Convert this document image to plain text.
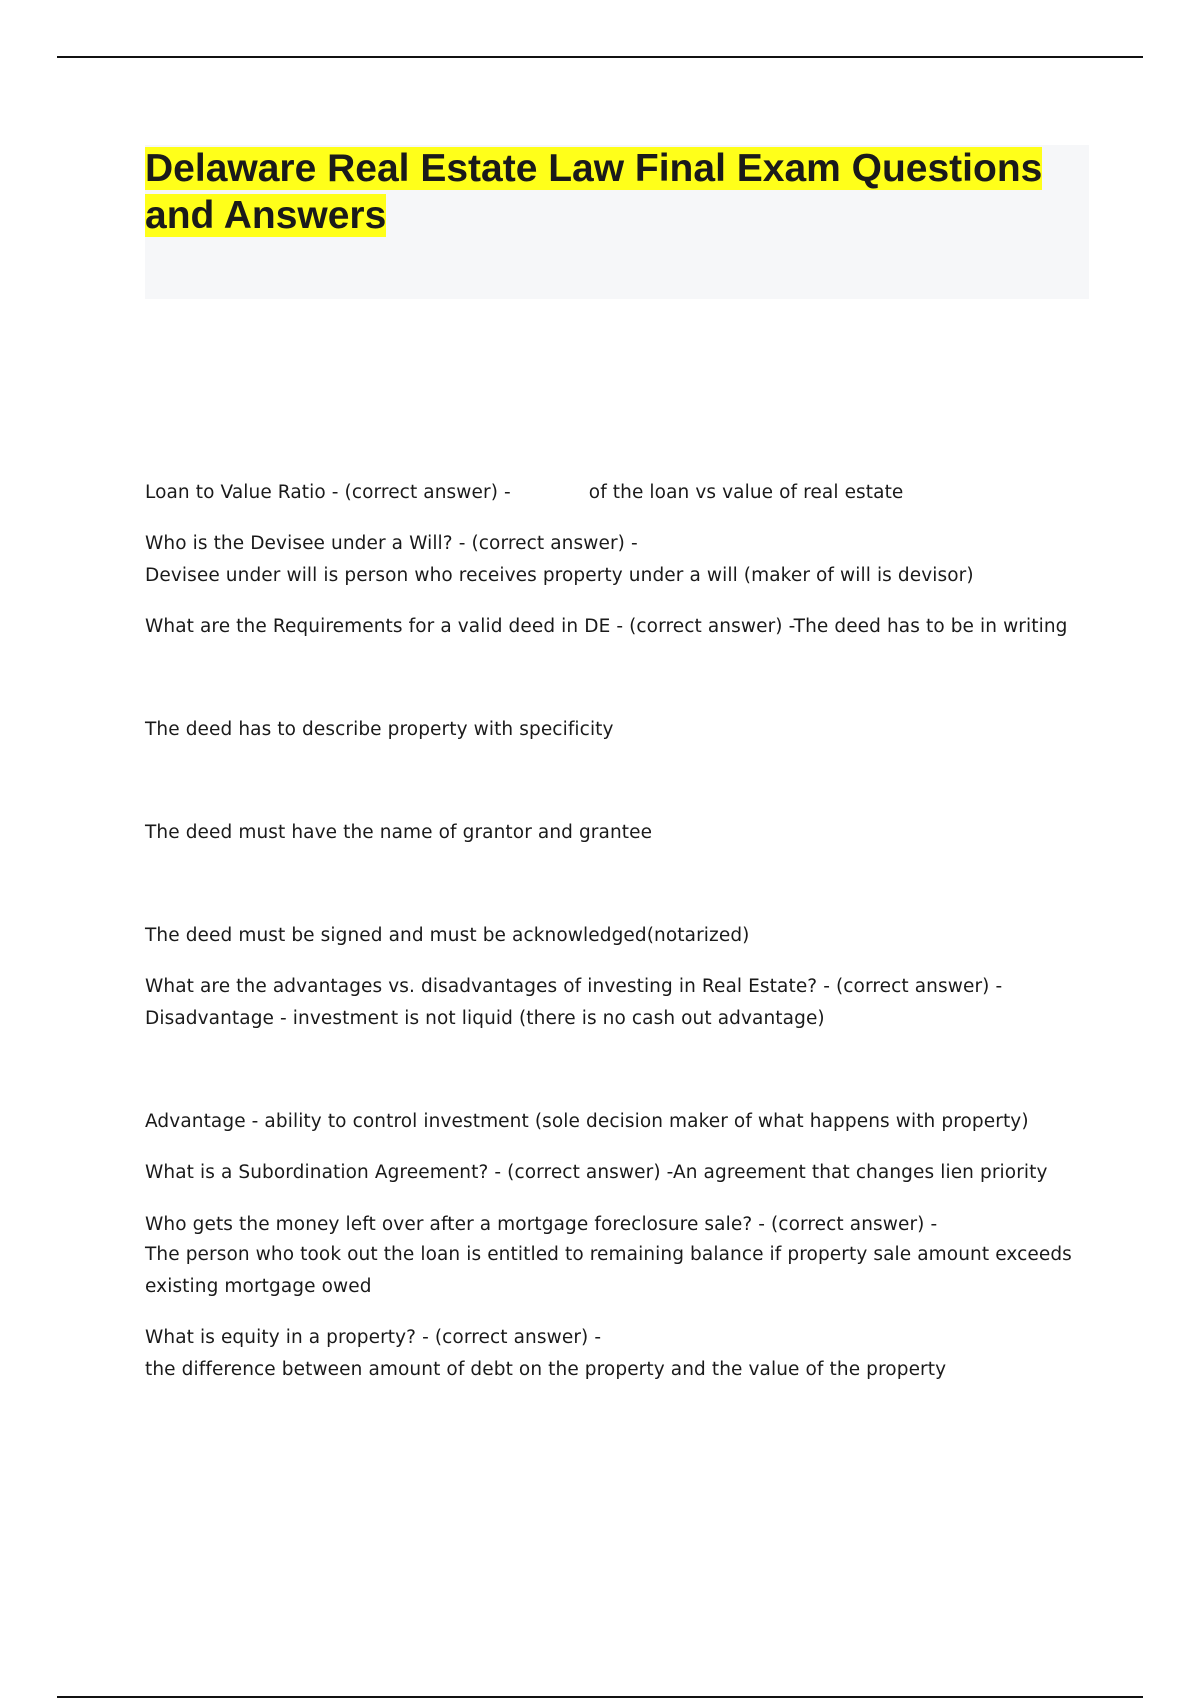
Delaware Real Estate Law Final Exam Questions and Answers
Loan to Value Ratio - (correct answer) -	of the loan vs value of real estate
Who is the Devisee under a Will? - (correct answer) -
Devisee under will is person who receives property under a will (maker of will is devisor)
What are the Requirements for a valid deed in DE - (correct answer) -The deed has to be in writing
The deed has to describe property with specificity
The deed must have the name of grantor and grantee
The deed must be signed and must be acknowledged(notarized)
What are the advantages vs. disadvantages of investing in Real Estate? - (correct answer) -
Disadvantage - investment is not liquid (there is no cash out advantage)
Advantage - ability to control investment (sole decision maker of what happens with property)
What is a Subordination Agreement? - (correct answer) -An agreement that changes lien priority
Who gets the money left over after a mortgage foreclosure sale? - (correct answer) -
The person who took out the loan is entitled to remaining balance if property sale amount exceeds
existing mortgage owed
What is equity in a property? - (correct answer) -
the difference between amount of debt on the property and the value of the property
